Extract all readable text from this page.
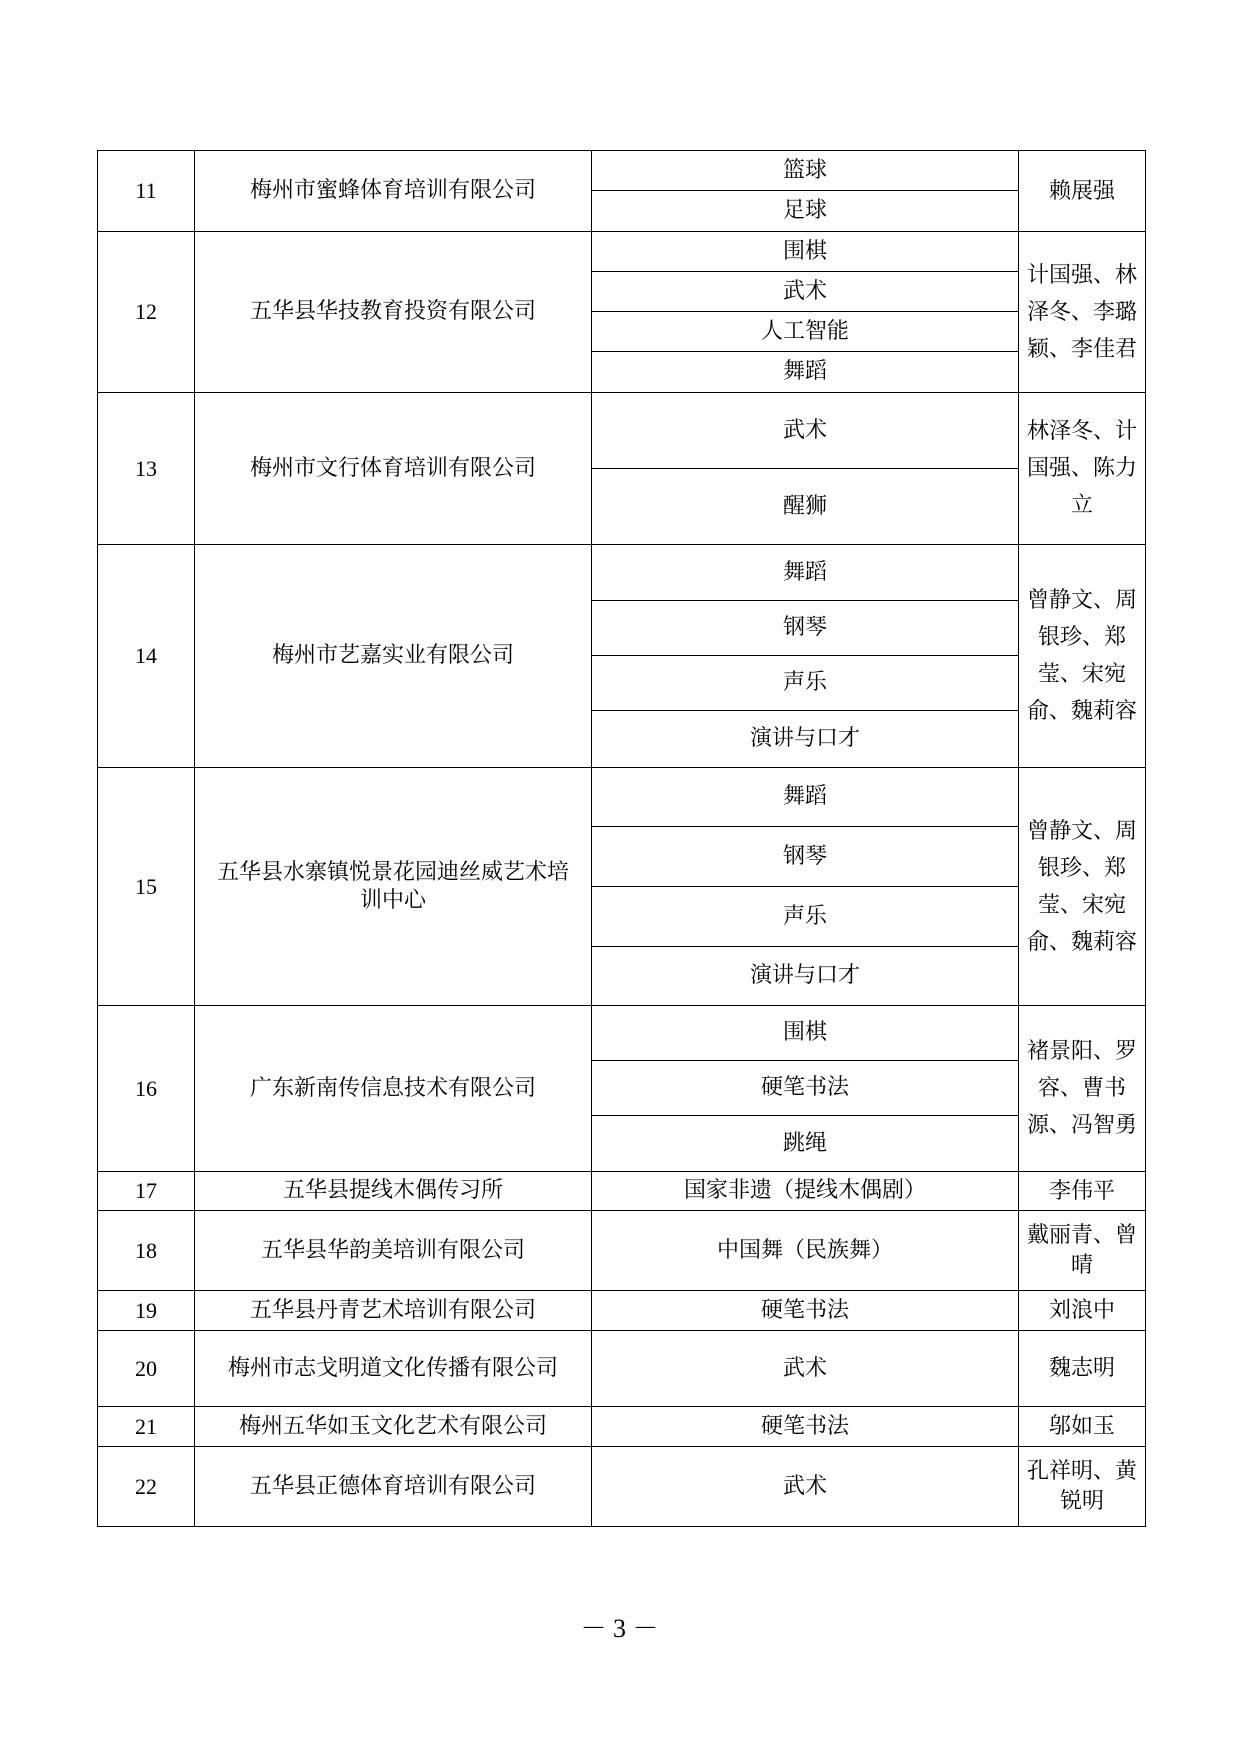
11	梅州市蜜蜂体育培训有限公司	篮球	赖展强
		足球	
12	五华县华技教育投资有限公司	围棋	计国强、林泽冬、李璐颖、李佳君
		武术	
		人工智能	
		舞蹈	
13	梅州市文行体育培训有限公司	武术	林泽冬、计国强、陈力立
		醒狮	
14	梅州市艺嘉实业有限公司	舞蹈	曾静文、周银珍、郑莹、宋宛俞、魏莉容
		钢琴	
		声乐	
		演讲与口才	
15	五华县水寨镇悦景花园迪丝威艺术培训中心	舞蹈	曾静文、周银珍、郑莹、宋宛俞、魏莉容
		钢琴	
		声乐	
		演讲与口才	
16	广东新南传信息技术有限公司	围棋	褚景阳、罗容、曹书源、冯智勇
		硬笔书法	
		跳绳	
17	五华县提线木偶传习所	国家非遗（提线木偶剧）	李伟平
18	五华县华韵美培训有限公司	中国舞（民族舞）	戴丽青、曾晴
19	五华县丹青艺术培训有限公司	硬笔书法	刘浪中
20	梅州市志戈明道文化传播有限公司	武术	魏志明
21	梅州五华如玉文化艺术有限公司	硬笔书法	邬如玉
22	五华县正德体育培训有限公司	武术	孔祥明、黄锐明
－ 3 －
